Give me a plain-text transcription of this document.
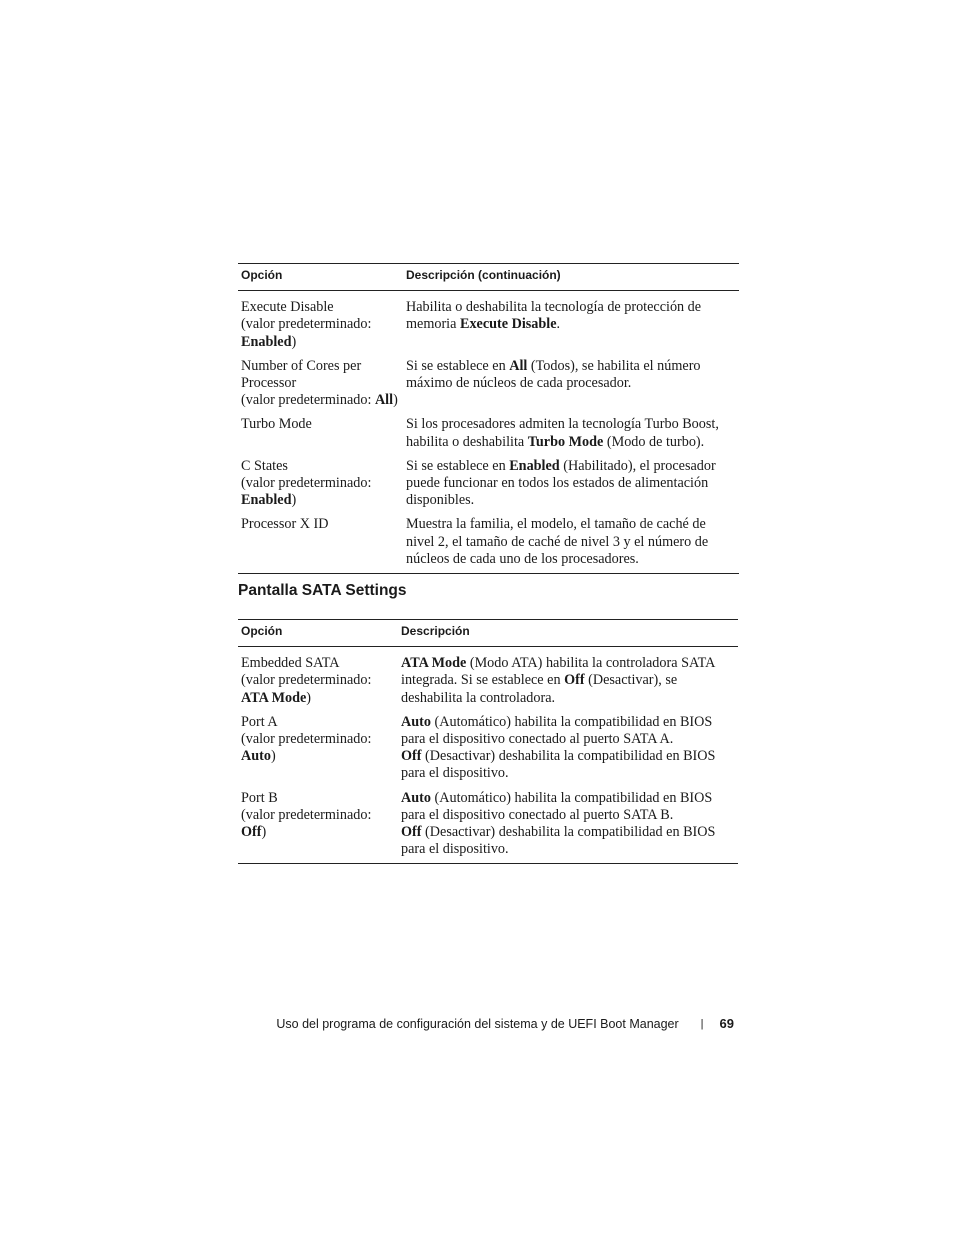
Opción	Descripción (continuación)
Execute Disable
(valor predeterminado:
Enabled)	Habilita o deshabilita la tecnología de protección de memoria Execute Disable.
Number of Cores per
Processor
(valor predeterminado: All)	Si se establece en All (Todos), se habilita el número máximo de núcleos de cada procesador.
Turbo Mode	Si los procesadores admiten la tecnología Turbo Boost, habilita o deshabilita Turbo Mode (Modo de turbo).
C States
(valor predeterminado:
Enabled)	Si se establece en Enabled (Habilitado), el procesador puede funcionar en todos los estados de alimentación disponibles.
Processor X ID	Muestra la familia, el modelo, el tamaño de caché de nivel 2, el tamaño de caché de nivel 3 y el número de núcleos de cada uno de los procesadores.
Pantalla SATA Settings
Opción	Descripción
Embedded SATA
(valor predeterminado:
ATA Mode)	ATA Mode (Modo ATA) habilita la controladora SATA integrada. Si se establece en Off (Desactivar), se deshabilita la controladora.
Port A
(valor predeterminado:
Auto)	Auto (Automático) habilita la compatibilidad en BIOS para el dispositivo conectado al puerto SATA A.
Off (Desactivar) deshabilita la compatibilidad en BIOS para el dispositivo.
Port B
(valor predeterminado:
Off)	Auto (Automático) habilita la compatibilidad en BIOS para el dispositivo conectado al puerto SATA B.
Off (Desactivar) deshabilita la compatibilidad en BIOS para el dispositivo.
Uso del programa de configuración del sistema y de UEFI Boot Manager | 69
